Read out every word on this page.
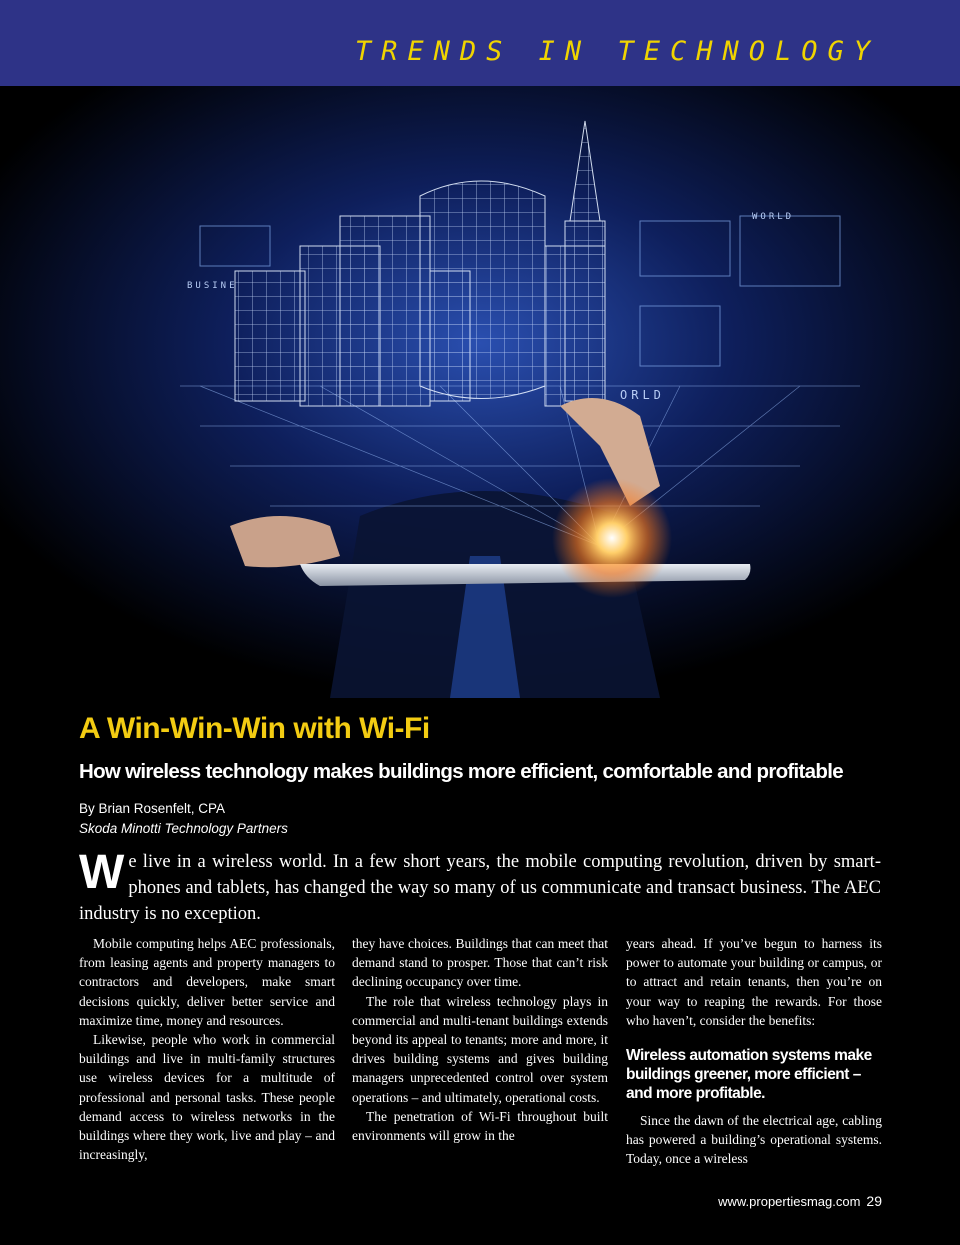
TRENDS IN TECHNOLOGY
BUSINE
WORLD
ORLD
A Win-Win-Win with Wi-Fi
How wireless technology makes buildings more efficient, comfortable and profitable
By Brian Rosenfelt, CPA
Skoda Minotti Technology Partners

We live in a wireless world. In a few short years, the mobile computing revolution, driven by smartphones and tablets, has changed the way so many of us communicate and transact business. The AEC industry is no exception.

Mobile computing helps AEC professionals, from leasing agents and property managers to contractors and developers, make smart decisions quickly, deliver better service and maximize time, money and resources.

Likewise, people who work in commercial buildings and live in multi-family structures use wireless devices for a multitude of professional and personal tasks. These people demand access to wireless networks in the buildings where they work, live and play – and increasingly,

they have choices. Buildings that can meet that demand stand to prosper. Those that can’t risk declining occupancy over time.

The role that wireless technology plays in commercial and multi-tenant buildings extends beyond its appeal to tenants; more and more, it drives building systems and gives building managers unprecedented control over system operations – and ultimately, operational costs.

The penetration of Wi-Fi throughout built environments will grow in the

years ahead. If you’ve begun to harness its power to automate your building or campus, or to attract and retain tenants, then you’re on your way to reaping the rewards. For those who haven’t, consider the benefits:

Wireless automation systems make buildings greener, more efficient – and more profitable.

Since the dawn of the electrical age, cabling has powered a building’s operational systems. Today, once a wireless

www.propertiesmag.com 29
